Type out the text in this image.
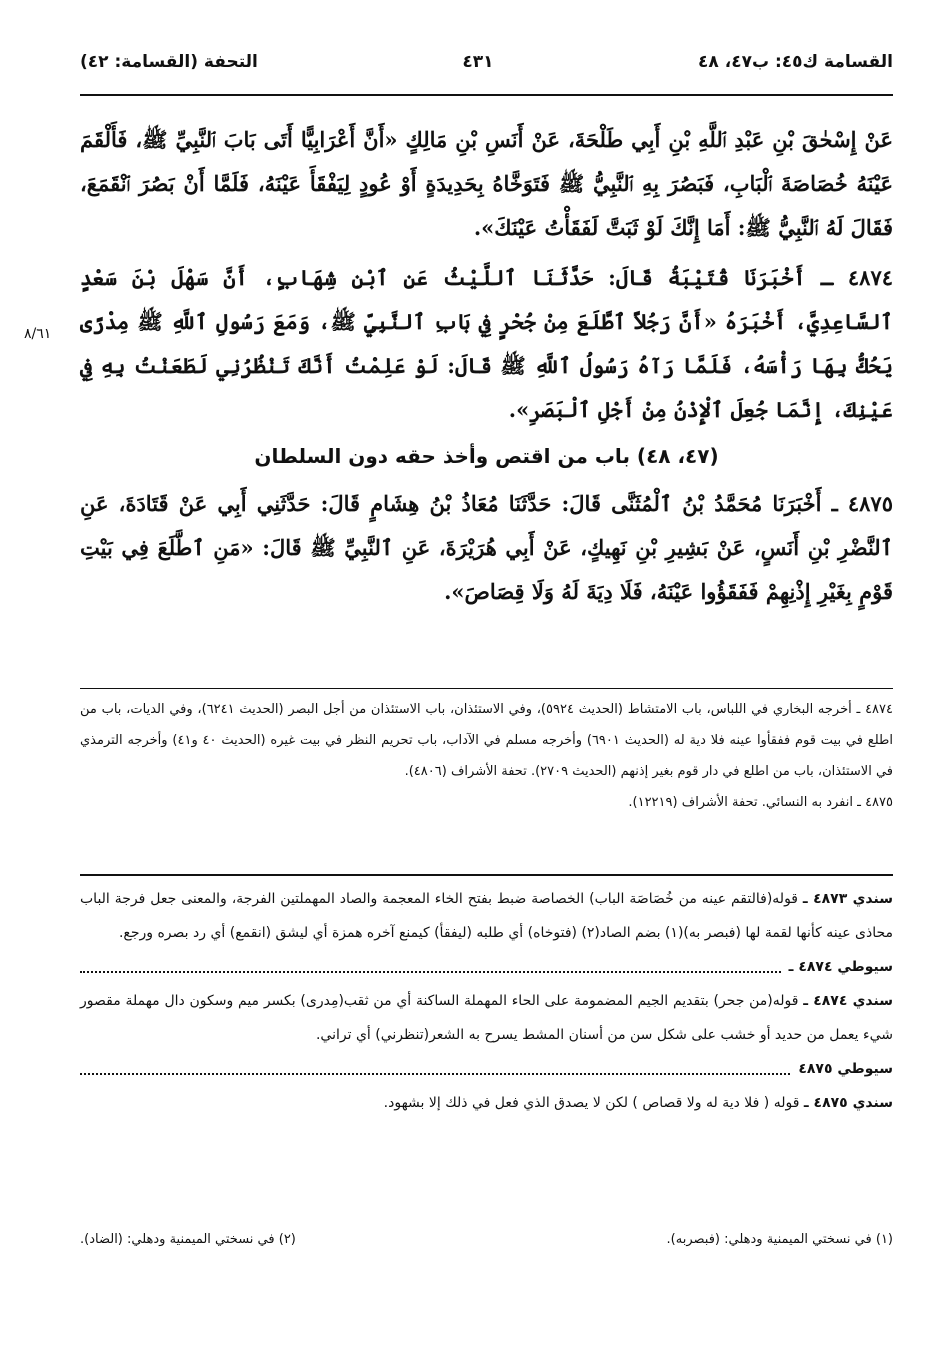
القسامة ك٤٥: ب٤٧، ٤٨
٤٣١
التحفة (القسامة: ٤٢)
٨/٦١

عَنْ إِسْحٰقَ بْنِ عَبْدِ ٱللَّهِ بْنِ أَبِي طَلْحَةَ، عَنْ أَنَسِ بْنِ مَالِكٍ «أَنَّ أَعْرَابِيًّا أَتَى بَابَ ٱلنَّبِيِّ ﷺ، فَأَلْقَمَ عَيْنَهُ خُصَاصَةَ ٱلْبَابِ، فَبَصُرَ بِهِ ٱلنَّبِيُّ ﷺ فَتَوَخَّاهُ بِحَدِيدَةٍ أَوْ عُودٍ لِيَفْقَأَ عَيْنَهُ، فَلَمَّا أَنْ بَصُرَ ٱنْقَمَعَ، فَقَالَ لَهُ ٱلنَّبِيُّ ﷺ: أَمَا إِنَّكَ لَوْ ثَبَتَّ لَفَقَأْتُ عَيْنَكَ».

٤٨٧٤ ـ أَخْبَرَنَا قُتَيْبَةُ قَالَ: حَدَّثَنَا ٱللَّيْثُ عَنِ ٱبْنِ شِهَابٍ، أَنَّ سَهْلَ بْنَ سَعْدٍ ٱلسَّاعِدِيَّ، أَخْبَرَهُ «أَنَّ رَجُلاً ٱطَّلَعَ مِنْ جُحْرٍ فِي بَابِ ٱلنَّبِيِّ ﷺ، وَمَعَ رَسُولِ ٱللَّهِ ﷺ مِدْرًى يَحُكُّ بِهَا رَأْسَهُ، فَلَمَّا رَآهُ رَسُولُ ٱللَّهِ ﷺ قَالَ: لَوْ عَلِمْتُ أَنَّكَ تَنْظُرُنِي لَطَعَنْتُ بِهِ فِي عَيْنِكَ، إِنَّمَا جُعِلَ ٱلْإِذْنُ مِنْ أَجْلِ ٱلْبَصَرِ».

(٤٧، ٤٨) باب من اقتص وأخذ حقه دون السلطان

٤٨٧٥ ـ أَخْبَرَنَا مُحَمَّدُ بْنُ ٱلْمُثَنَّى قَالَ: حَدَّثَنَا مُعَاذُ بْنُ هِشَامٍ قَالَ: حَدَّثَنِي أَبِي عَنْ قَتَادَةَ، عَنِ ٱلنَّضْرِ بْنِ أَنَسٍ، عَنْ بَشِيرِ بْنِ نَهِيكٍ، عَنْ أَبِي هُرَيْرَةَ، عَنِ ٱلنَّبِيِّ ﷺ قَالَ: «مَنِ ٱطَّلَعَ فِي بَيْتِ قَوْمٍ بِغَيْرِ إِذْنِهِمْ فَفَقَؤُوا عَيْنَهُ، فَلَا دِيَةَ لَهُ وَلَا قِصَاصَ».

٤٨٧٤ ـ أخرجه البخاري في اللباس، باب الامتشاط (الحديث ٥٩٢٤)، وفي الاستئذان، باب الاستئذان من أجل البصر (الحديث ٦٢٤١)، وفي الديات، باب من اطلع في بيت قوم ففقأوا عينه فلا دية له (الحديث ٦٩٠١) وأخرجه مسلم في الآداب، باب تحريم النظر في بيت غيره (الحديث ٤٠ و٤١) وأخرجه الترمذي في الاستئذان، باب من اطلع في دار قوم بغير إذنهم (الحديث ٢٧٠٩). تحفة الأشراف (٤٨٠٦).

٤٨٧٥ ـ انفرد به النسائي. تحفة الأشراف (١٢٢١٩).

سندي ٤٨٧٣ ـ قوله(فالتقم عينه من خُصَاصَة الباب) الخصاصة ضبط بفتح الخاء المعجمة والصاد المهملتين الفرجة، والمعنى جعل فرجة الباب محاذى عينه كأنها لقمة لها (فبصر به)(١) بضم الصاد(٢) (فتوخاه) أي طلبه (ليفقأ) كيمنع آخره همزة أي ليشق (انقمع) أي رد بصره ورجع.

سيوطي ٤٨٧٤ ـ

سندي ٤٨٧٤ ـ قوله(من جحر) بتقديم الجيم المضمومة على الحاء المهملة الساكنة أي من ثقب(مِدرى) بكسر ميم وسكون دال مهملة مقصور شيء يعمل من حديد أو خشب على شكل سن من أسنان المشط يسرح به الشعر(تنظرني) أي تراني.

سيوطي ٤٨٧٥

سندي ٤٨٧٥ ـ قوله ( فلا دية له ولا قصاص ) لكن لا يصدق الذي فعل في ذلك إلا بشهود.

(١) في نسختي الميمنية ودهلي: (فبصربه).
(٢) في نسختي الميمنية ودهلي: (الضاد).
